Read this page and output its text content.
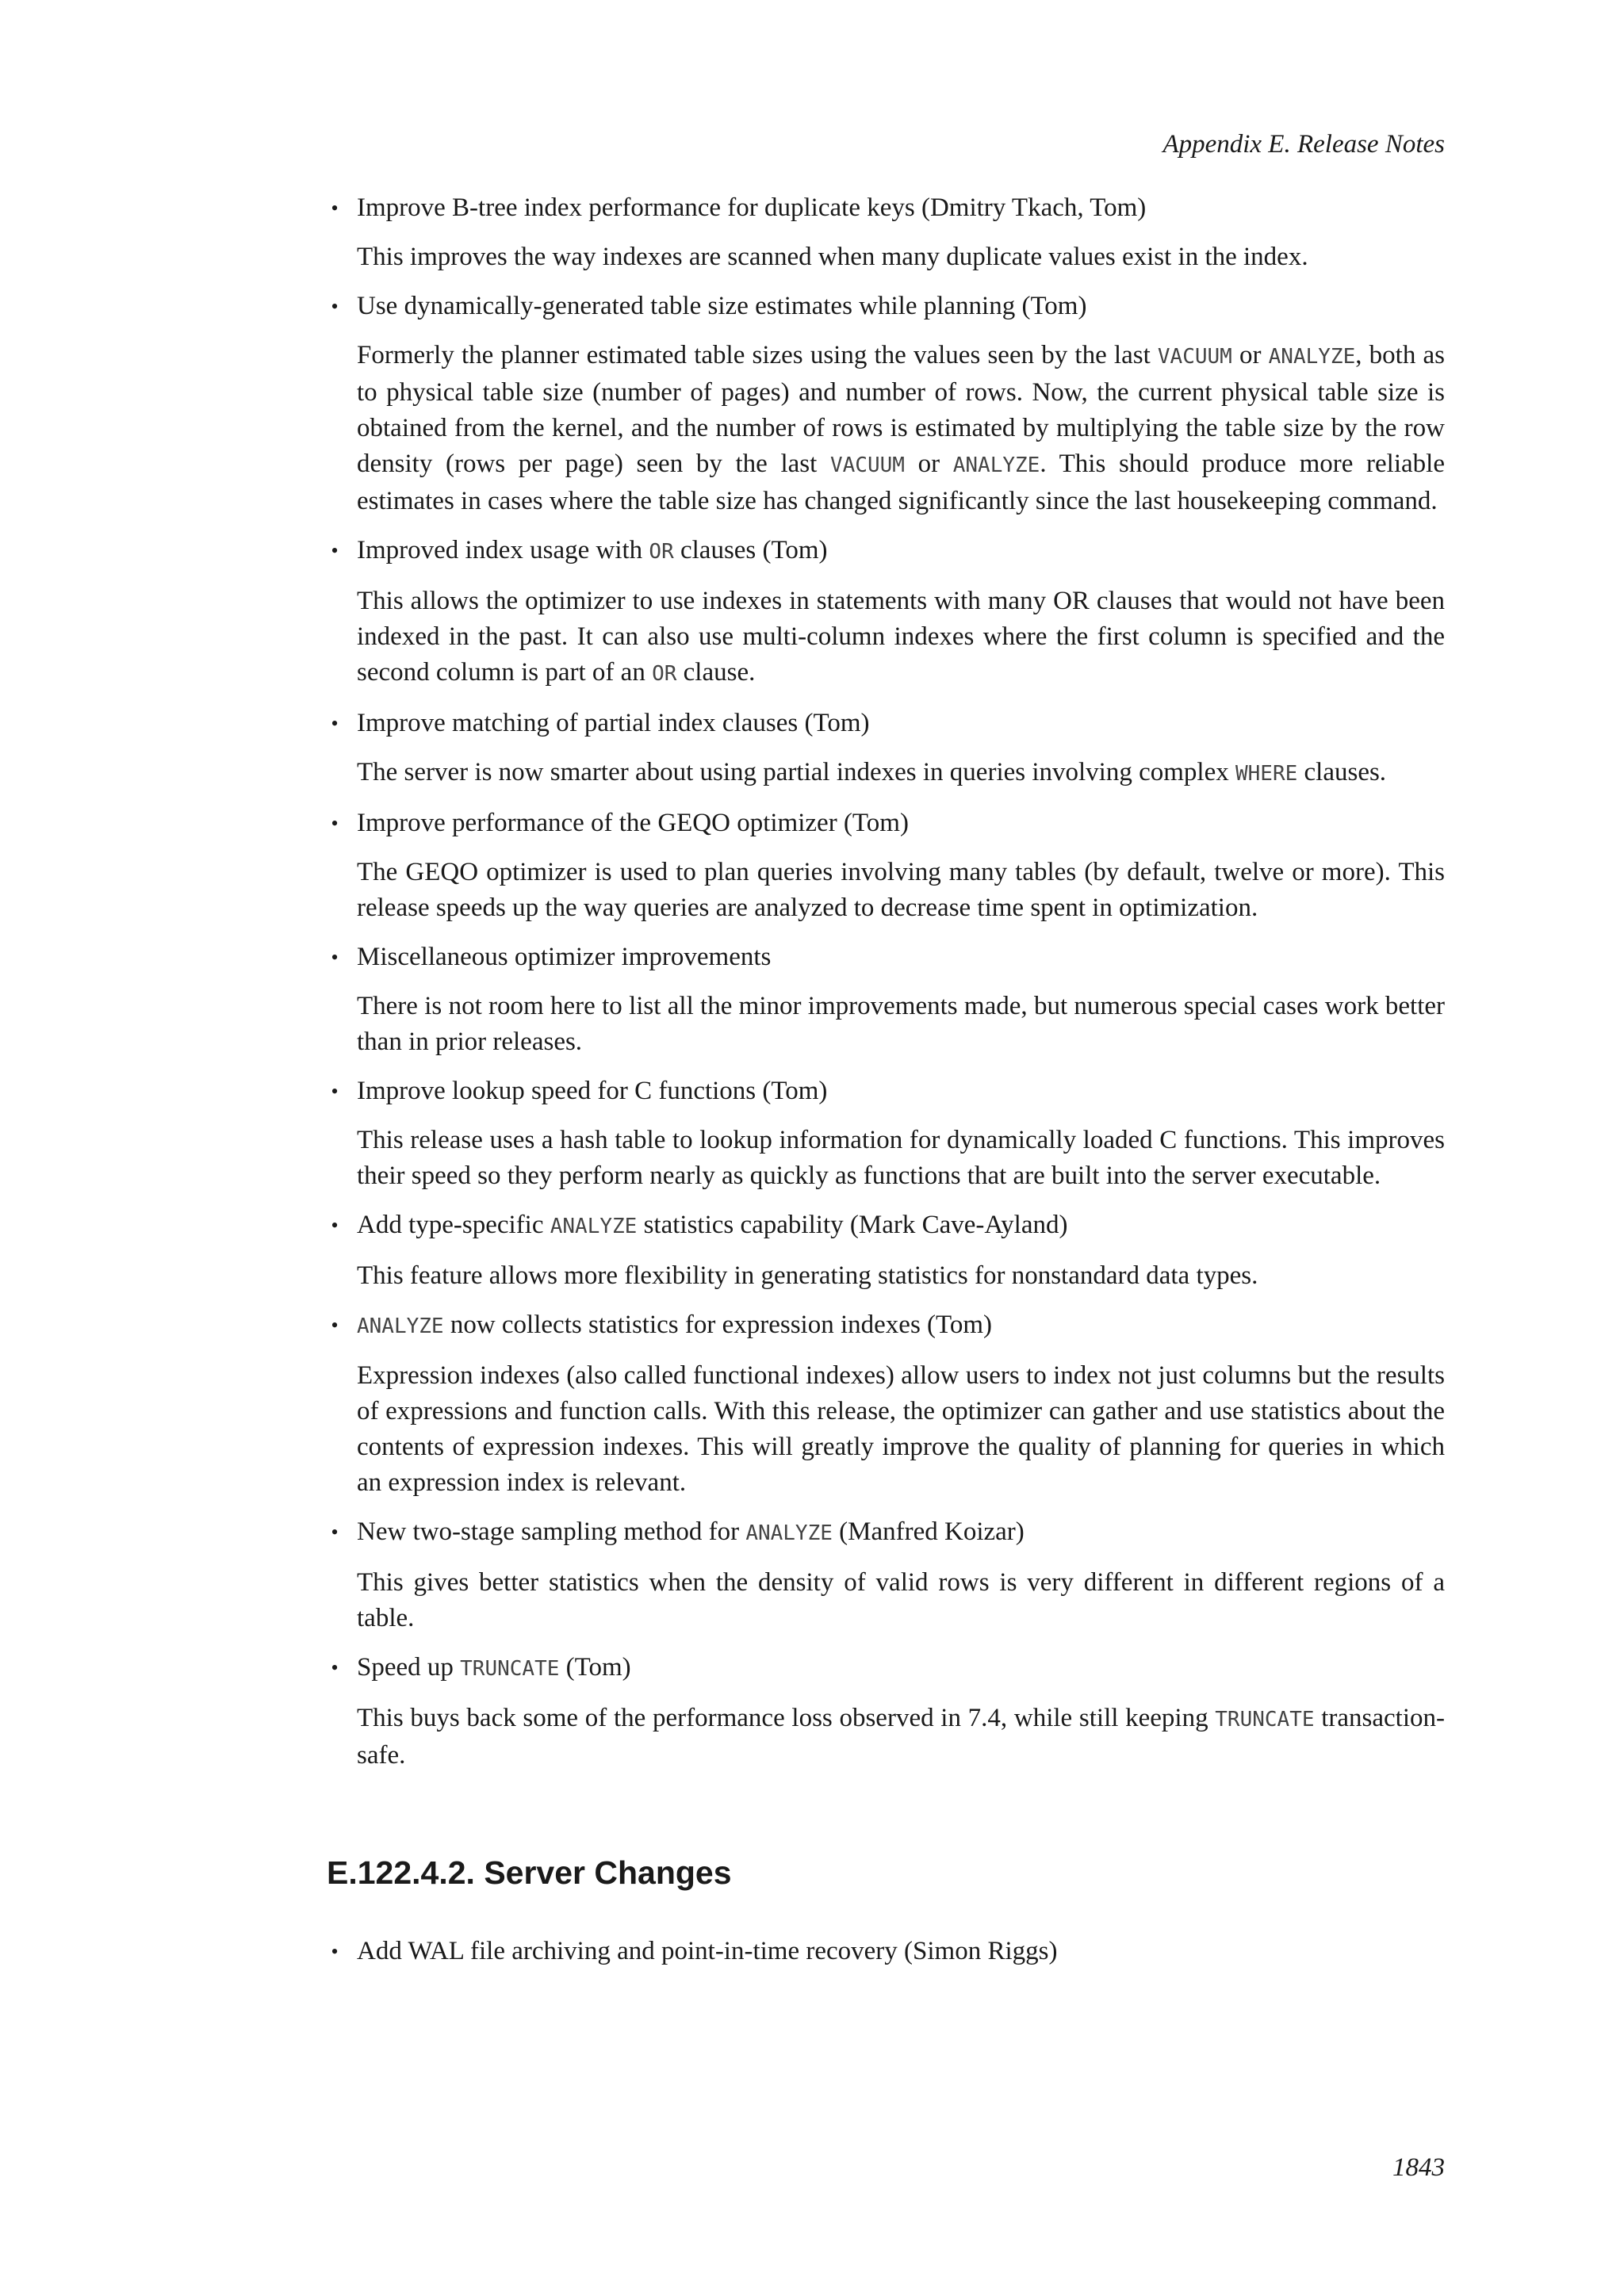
Appendix E. Release Notes
• Improve B-tree index performance for duplicate keys (Dmitry Tkach, Tom)
This improves the way indexes are scanned when many duplicate values exist in the index.
• Use dynamically-generated table size estimates while planning (Tom)
Formerly the planner estimated table sizes using the values seen by the last VACUUM or ANALYZE, both as to physical table size (number of pages) and number of rows. Now, the current physical table size is obtained from the kernel, and the number of rows is estimated by multiplying the table size by the row density (rows per page) seen by the last VACUUM or ANALYZE. This should produce more reliable estimates in cases where the table size has changed significantly since the last housekeeping command.
• Improved index usage with OR clauses (Tom)
This allows the optimizer to use indexes in statements with many OR clauses that would not have been indexed in the past. It can also use multi-column indexes where the first column is specified and the second column is part of an OR clause.
• Improve matching of partial index clauses (Tom)
The server is now smarter about using partial indexes in queries involving complex WHERE clauses.
• Improve performance of the GEQO optimizer (Tom)
The GEQO optimizer is used to plan queries involving many tables (by default, twelve or more). This release speeds up the way queries are analyzed to decrease time spent in optimization.
• Miscellaneous optimizer improvements
There is not room here to list all the minor improvements made, but numerous special cases work better than in prior releases.
• Improve lookup speed for C functions (Tom)
This release uses a hash table to lookup information for dynamically loaded C functions. This improves their speed so they perform nearly as quickly as functions that are built into the server executable.
• Add type-specific ANALYZE statistics capability (Mark Cave-Ayland)
This feature allows more flexibility in generating statistics for nonstandard data types.
• ANALYZE now collects statistics for expression indexes (Tom)
Expression indexes (also called functional indexes) allow users to index not just columns but the results of expressions and function calls. With this release, the optimizer can gather and use statistics about the contents of expression indexes. This will greatly improve the quality of planning for queries in which an expression index is relevant.
• New two-stage sampling method for ANALYZE (Manfred Koizar)
This gives better statistics when the density of valid rows is very different in different regions of a table.
• Speed up TRUNCATE (Tom)
This buys back some of the performance loss observed in 7.4, while still keeping TRUNCATE transaction-safe.
E.122.4.2. Server Changes
• Add WAL file archiving and point-in-time recovery (Simon Riggs)
1843
